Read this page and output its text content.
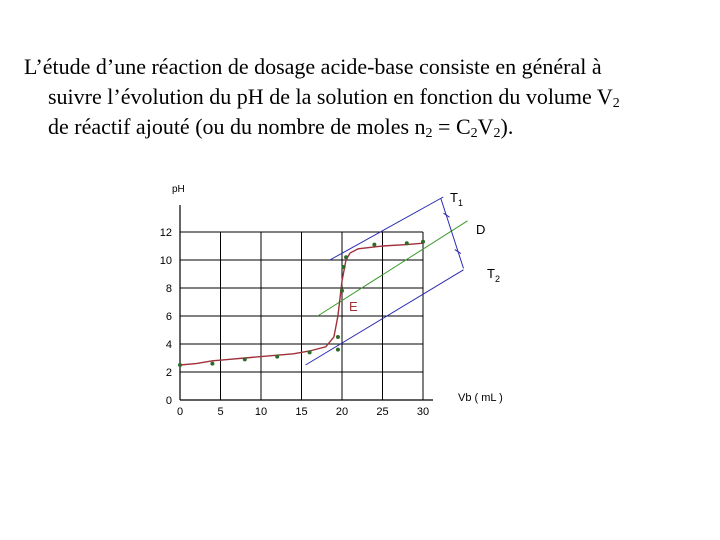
L’étude d’une réaction de dosage acide-base consiste en général à
suivre l’évolution du pH de la solution en fonction du volume $V_2$
de réactif ajouté (ou du nombre de moles $n_2 = C_2V_2$).

0	5	10	15	20	25	30
0
2
4
6
8
10
12
pH
Vb ( mL )
$T_1$
$T_2$
D
E
